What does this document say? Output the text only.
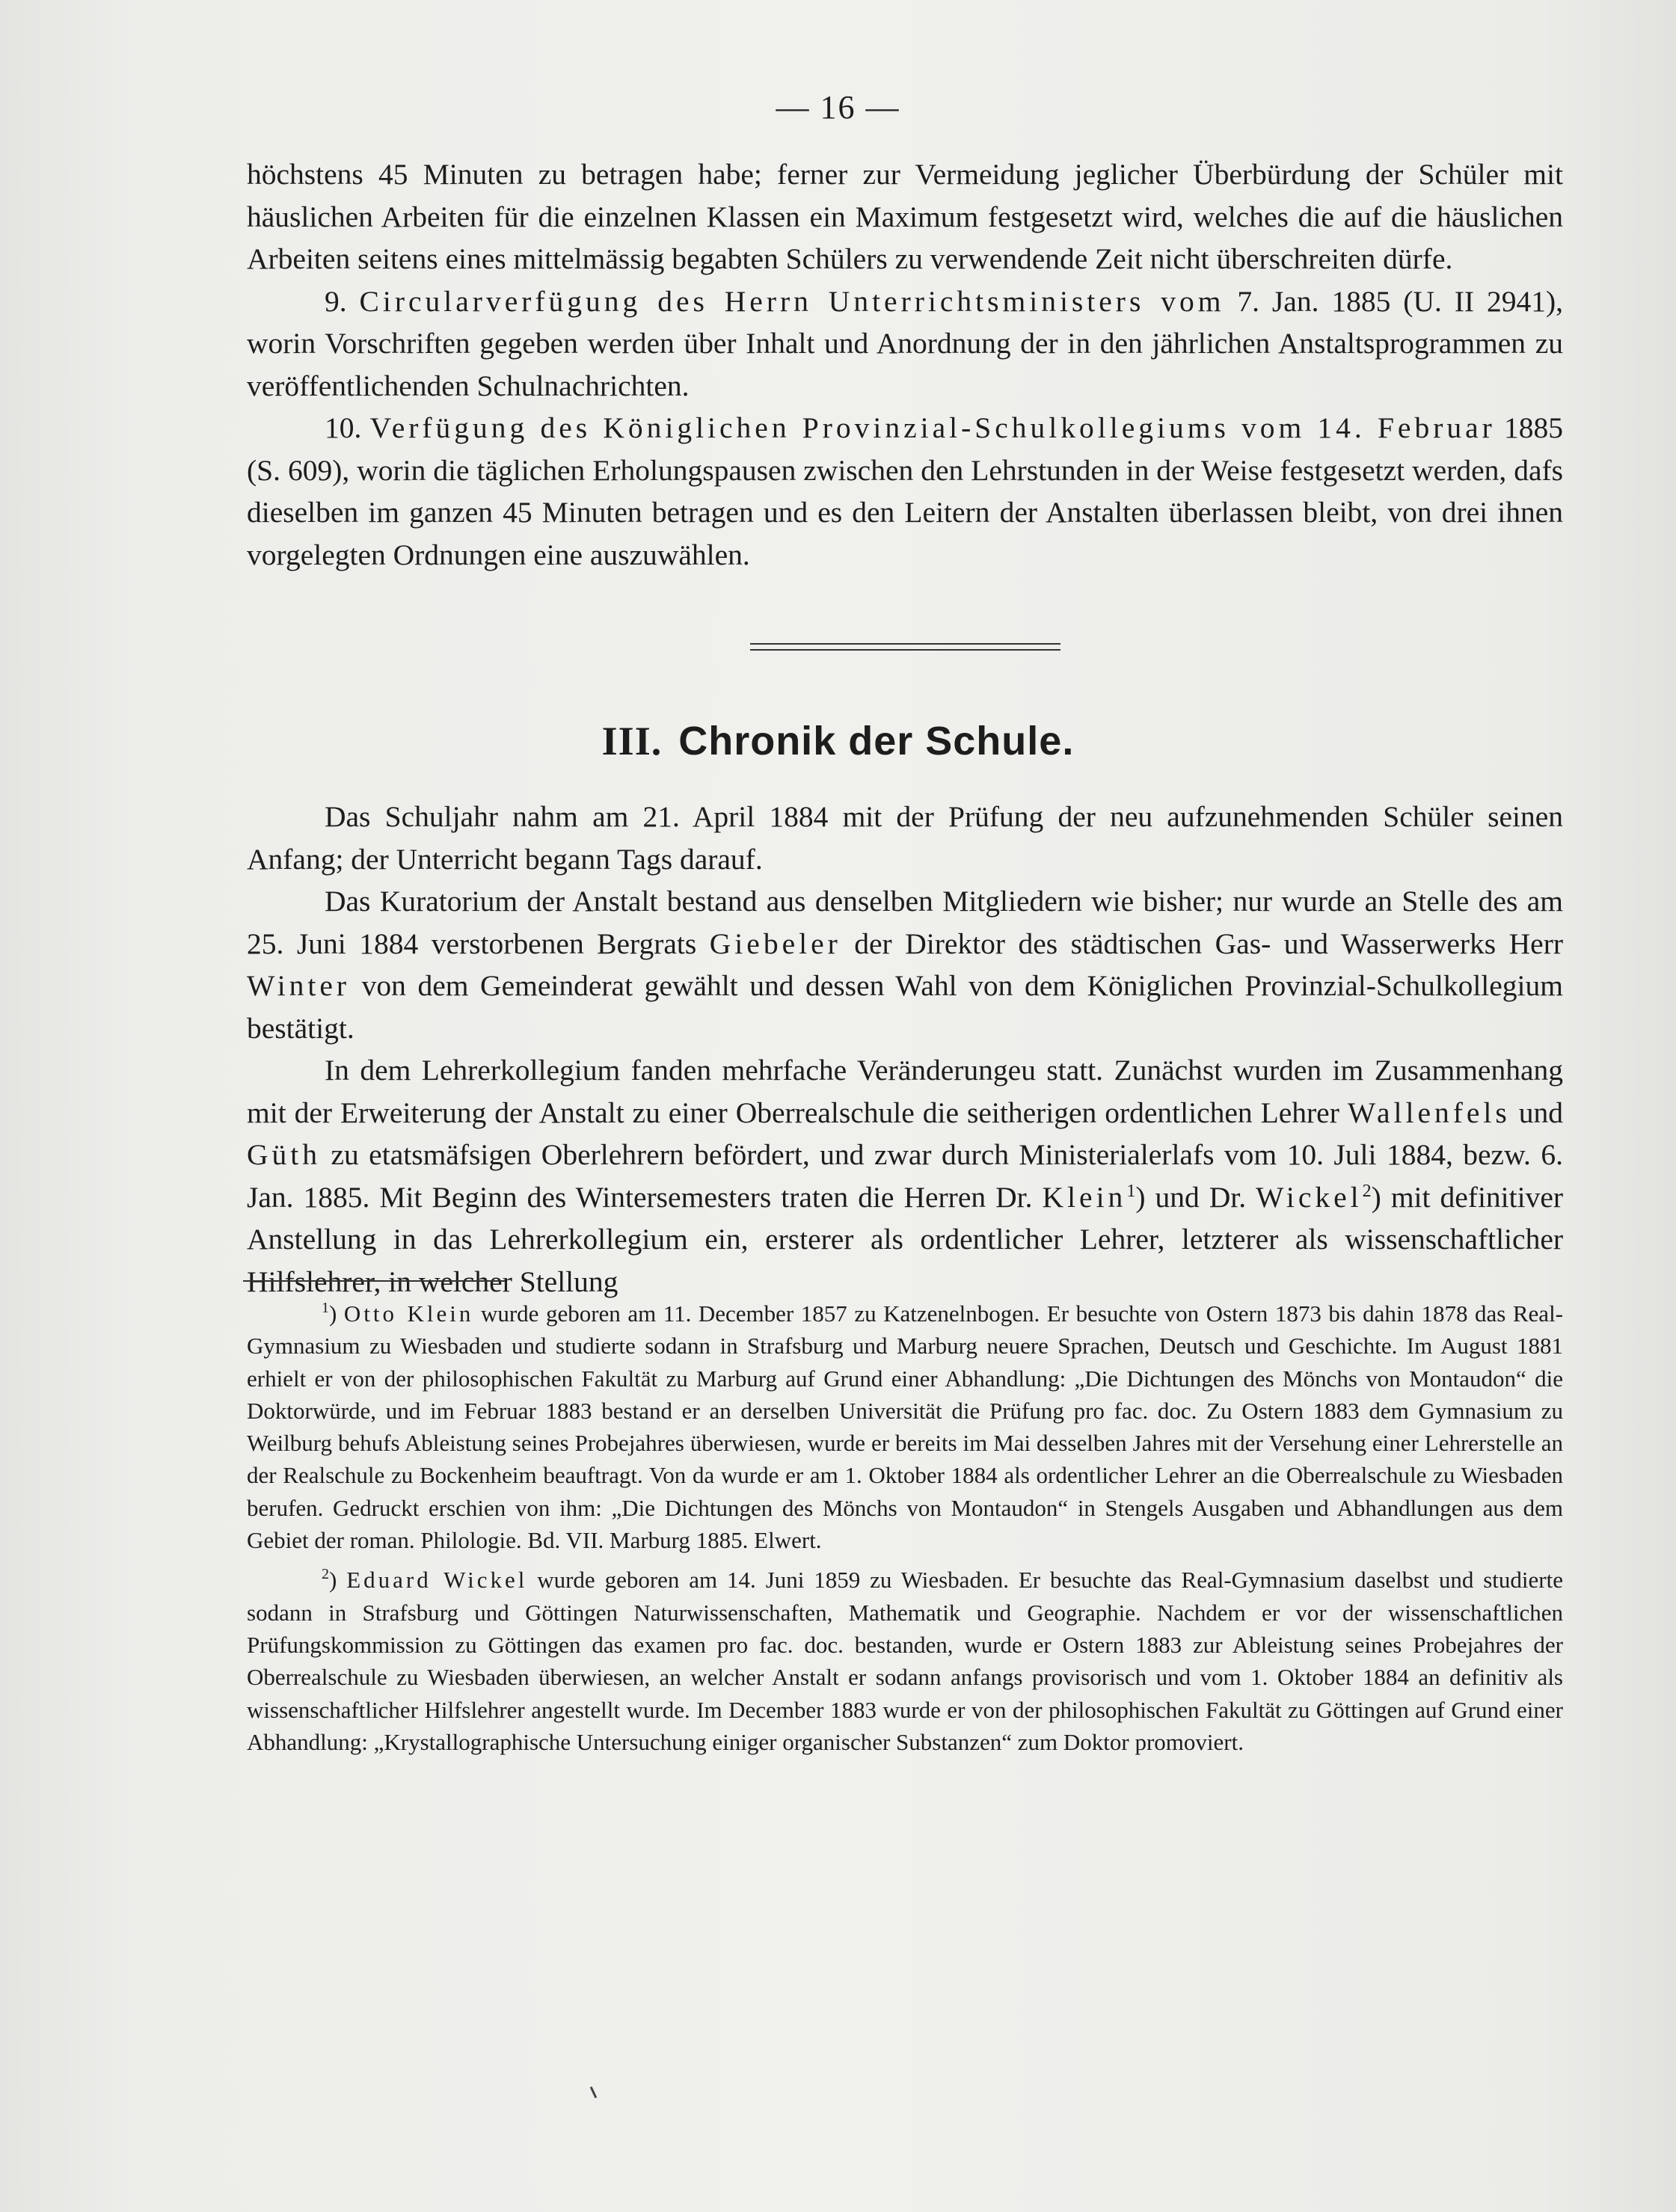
— 16 —

höchstens 45 Minuten zu betragen habe; ferner zur Vermeidung jeglicher Überbürdung der Schüler mit häuslichen Arbeiten für die einzelnen Klassen ein Maximum festgesetzt wird, welches die auf die häuslichen Arbeiten seitens eines mittelmässig begabten Schülers zu verwendende Zeit nicht überschreiten dürfe.

9. Circularverfügung des Herrn Unterrichtsministers vom 7. Jan. 1885 (U. II 2941), worin Vorschriften gegeben werden über Inhalt und Anordnung der in den jährlichen Anstaltsprogrammen zu veröffentlichenden Schulnachrichten.

10. Verfügung des Königlichen Provinzial-Schulkollegiums vom 14. Februar 1885 (S. 609), worin die täglichen Erholungspausen zwischen den Lehrstunden in der Weise festgesetzt werden, dafs dieselben im ganzen 45 Minuten betragen und es den Leitern der Anstalten überlassen bleibt, von drei ihnen vorgelegten Ordnungen eine auszuwählen.

III. Chronik der Schule.

Das Schuljahr nahm am 21. April 1884 mit der Prüfung der neu aufzunehmenden Schüler seinen Anfang; der Unterricht begann Tags darauf.

Das Kuratorium der Anstalt bestand aus denselben Mitgliedern wie bisher; nur wurde an Stelle des am 25. Juni 1884 verstorbenen Bergrats Giebeler der Direktor des städtischen Gas- und Wasserwerks Herr Winter von dem Gemeinderat gewählt und dessen Wahl von dem Königlichen Provinzial-Schulkollegium bestätigt.

In dem Lehrerkollegium fanden mehrfache Veränderungeu statt. Zunächst wurden im Zusammenhang mit der Erweiterung der Anstalt zu einer Oberrealschule die seitherigen ordentlichen Lehrer Wallenfels und Güth zu etatsmäfsigen Oberlehrern befördert, und zwar durch Ministerialerlafs vom 10. Juli 1884, bezw. 6. Jan. 1885. Mit Beginn des Wintersemesters traten die Herren Dr. Klein$^1$) und Dr. Wickel$^2$) mit definitiver Anstellung in das Lehrerkollegium ein, ersterer als ordentlicher Lehrer, letzterer als wissenschaftlicher Hilfslehrer, in welcher Stellung

$^1$) Otto Klein wurde geboren am 11. December 1857 zu Katzenelnbogen. Er besuchte von Ostern 1873 bis dahin 1878 das Real-Gymnasium zu Wiesbaden und studierte sodann in Strafsburg und Marburg neuere Sprachen, Deutsch und Geschichte. Im August 1881 erhielt er von der philosophischen Fakultät zu Marburg auf Grund einer Abhandlung: „Die Dichtungen des Mönchs von Montaudon“ die Doktorwürde, und im Februar 1883 bestand er an derselben Universität die Prüfung pro fac. doc. Zu Ostern 1883 dem Gymnasium zu Weilburg behufs Ableistung seines Probejahres überwiesen, wurde er bereits im Mai desselben Jahres mit der Versehung einer Lehrerstelle an der Realschule zu Bockenheim beauftragt. Von da wurde er am 1. Oktober 1884 als ordentlicher Lehrer an die Oberrealschule zu Wiesbaden berufen. Gedruckt erschien von ihm: „Die Dichtungen des Mönchs von Montaudon“ in Stengels Ausgaben und Abhandlungen aus dem Gebiet der roman. Philologie. Bd. VII. Marburg 1885. Elwert.

$^2$) Eduard Wickel wurde geboren am 14. Juni 1859 zu Wiesbaden. Er besuchte das Real-Gymnasium daselbst und studierte sodann in Strafsburg und Göttingen Naturwissenschaften, Mathematik und Geographie. Nachdem er vor der wissenschaftlichen Prüfungskommission zu Göttingen das examen pro fac. doc. bestanden, wurde er Ostern 1883 zur Ableistung seines Probejahres der Oberrealschule zu Wiesbaden überwiesen, an welcher Anstalt er sodann anfangs provisorisch und vom 1. Oktober 1884 an definitiv als wissenschaftlicher Hilfslehrer angestellt wurde. Im December 1883 wurde er von der philosophischen Fakultät zu Göttingen auf Grund einer Abhandlung: „Krystallographische Untersuchung einiger organischer Substanzen“ zum Doktor promoviert.
